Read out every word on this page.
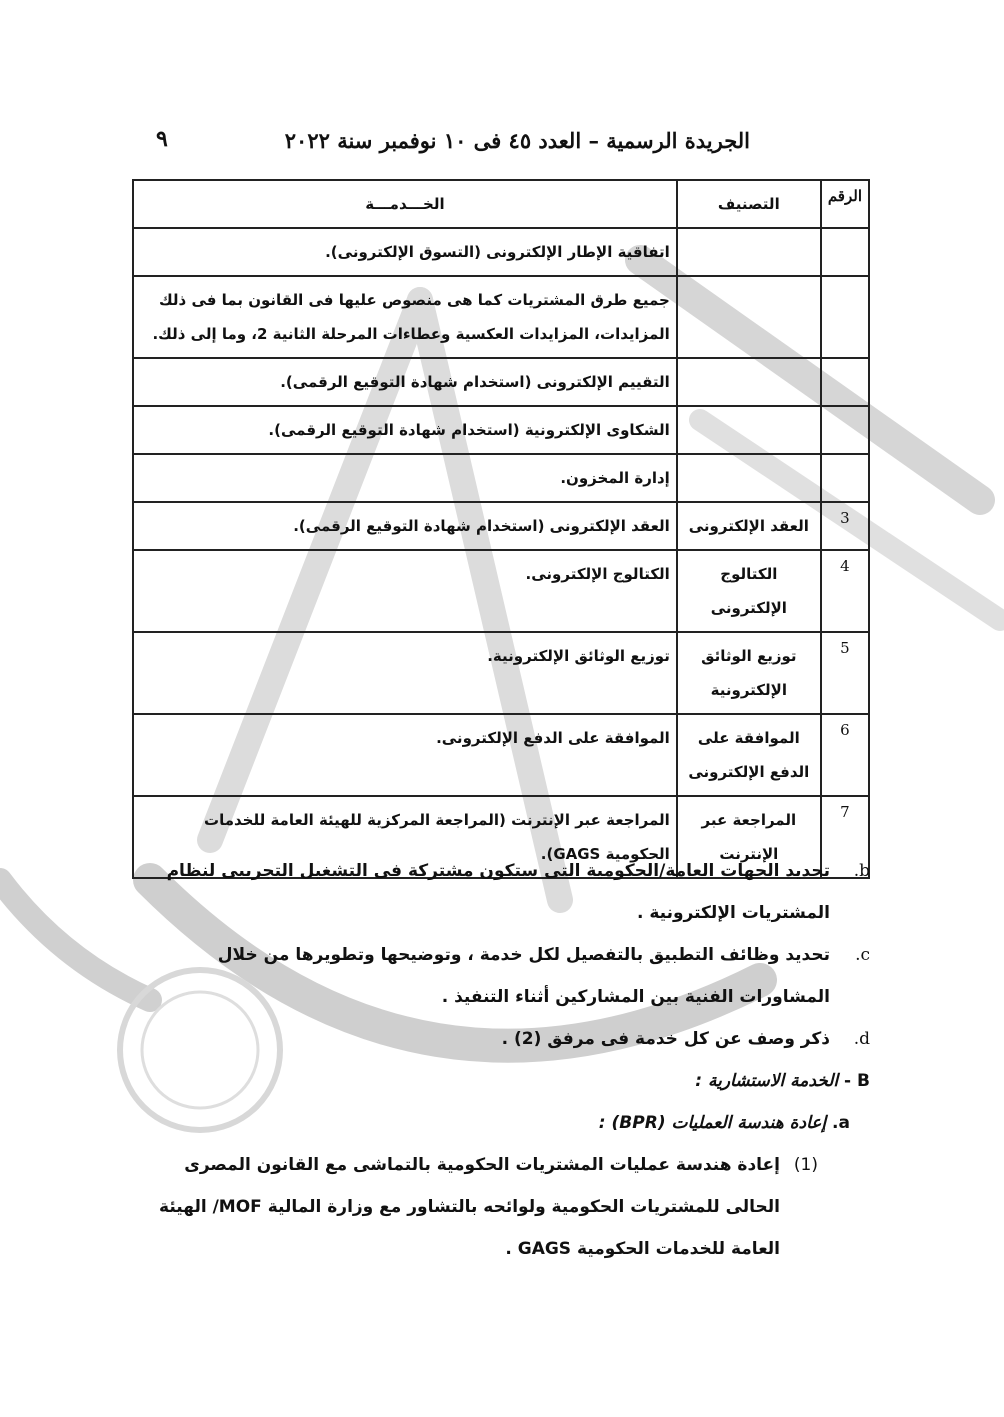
الجريدة الرسمية – العدد ٤٥ فى ١٠ نوفمبر سنة ٢٠٢٢
٩
الرقم	التصنيف	الخـــدمـــة
		اتفاقية الإطار الإلكترونى (التسوق الإلكترونى).
		جميع طرق المشتريات كما هى منصوص عليها فى القانون بما فى ذلك المزايدات، المزايدات العكسية وعطاءات المرحلة الثانية 2، وما إلى ذلك.
		التقييم الإلكترونى (استخدام شهادة التوقيع الرقمى).
		الشكاوى الإلكترونية (استخدام شهادة التوقيع الرقمى).
		إدارة المخزون.
3	العقد الإلكترونى	العقد الإلكترونى (استخدام شهادة التوقيع الرقمى).
4	الكتالوج الإلكترونى	الكتالوج الإلكترونى.
5	توزيع الوثائق الإلكترونية	توزيع الوثائق الإلكترونية.
6	الموافقة على الدفع الإلكترونى	الموافقة على الدفع الإلكترونى.
7	المراجعة عبر الإنترنت	المراجعة عبر الإنترنت (المراجعة المركزية للهيئة العامة للخدمات الحكومية GAGS).
b.
تحديد الجهات العامة/الحكومية التى ستكون مشتركة فى التشغيل التجريبى لنظام المشتريات الإلكترونية .
c.
تحديد وظائف التطبيق بالتفصيل لكل خدمة ، وتوضيحها وتطويرها من خلال المشاورات الفنية بين المشاركين أثناء التنفيذ .
d.
ذكر وصف عن كل خدمة فى مرفق (2) .
B - الخدمة الاستشارية :
a. إعادة هندسة العمليات (BPR) :
(1)
إعادة هندسة عمليات المشتريات الحكومية بالتماشى مع القانون المصرى الحالى للمشتريات الحكومية ولوائحه بالتشاور مع وزارة المالية MOF/ الهيئة العامة للخدمات الحكومية GAGS .
